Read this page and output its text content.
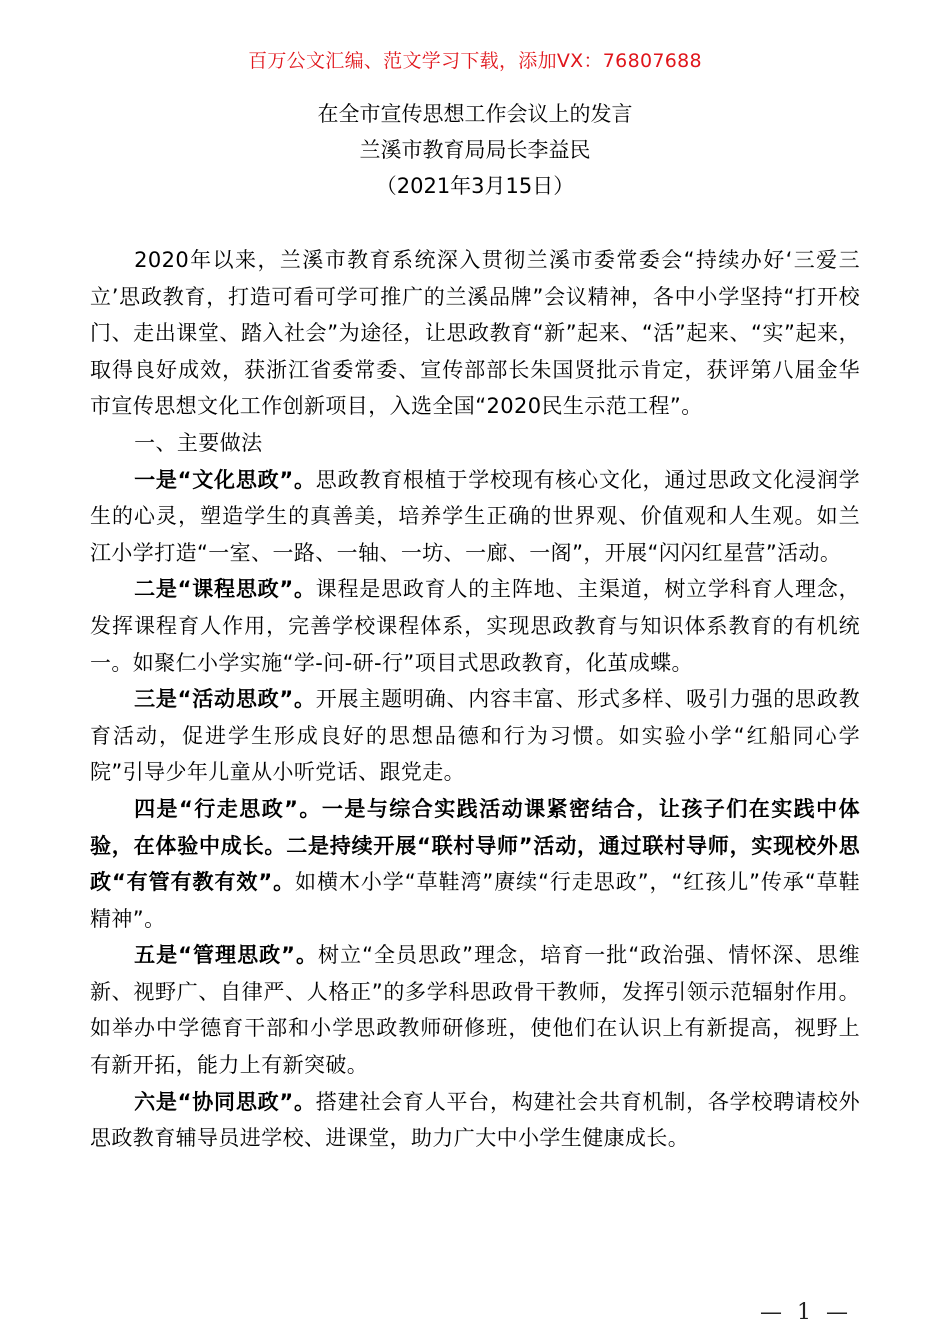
百万公文汇编、范文学习下载，添加VX：76807688
在全市宣传思想工作会议上的发言
兰溪市教育局局长李益民
（2021年3月15日）

2020年以来，兰溪市教育系统深入贯彻兰溪市委常委会“持续办好‘三爱三立’思政教育，打造可看可学可推广的兰溪品牌”会议精神，各中小学坚持“打开校门、走出课堂、踏入社会”为途径，让思政教育“新”起来、“活”起来、“实”起来，取得良好成效，获浙江省委常委、宣传部部长朱国贤批示肯定，获评第八届金华市宣传思想文化工作创新项目，入选全国“2020民生示范工程”。

一、主要做法

一是“文化思政”。思政教育根植于学校现有核心文化，通过思政文化浸润学生的心灵，塑造学生的真善美，培养学生正确的世界观、价值观和人生观。如兰江小学打造“一室、一路、一轴、一坊、一廊、一阁”，开展“闪闪红星营”活动。

二是“课程思政”。课程是思政育人的主阵地、主渠道，树立学科育人理念，发挥课程育人作用，完善学校课程体系，实现思政教育与知识体系教育的有机统一。如聚仁小学实施“学-问-研-行”项目式思政教育，化茧成蝶。

三是“活动思政”。开展主题明确、内容丰富、形式多样、吸引力强的思政教育活动，促进学生形成良好的思想品德和行为习惯。如实验小学“红船同心学院”引导少年儿童从小听党话、跟党走。

四是“行走思政”。一是与综合实践活动课紧密结合，让孩子们在实践中体验，在体验中成长。二是持续开展“联村导师”活动，通过联村导师，实现校外思政“有管有教有效”。如横木小学“草鞋湾”赓续“行走思政”，“红孩儿”传承“草鞋精神”。

五是“管理思政”。树立“全员思政”理念，培育一批“政治强、情怀深、思维新、视野广、自律严、人格正”的多学科思政骨干教师，发挥引领示范辐射作用。如举办中学德育干部和小学思政教师研修班，使他们在认识上有新提高，视野上有新开拓，能力上有新突破。

六是“协同思政”。搭建社会育人平台，构建社会共育机制，各学校聘请校外思政教育辅导员进学校、进课堂，助力广大中小学生健康成长。

— 1 —
